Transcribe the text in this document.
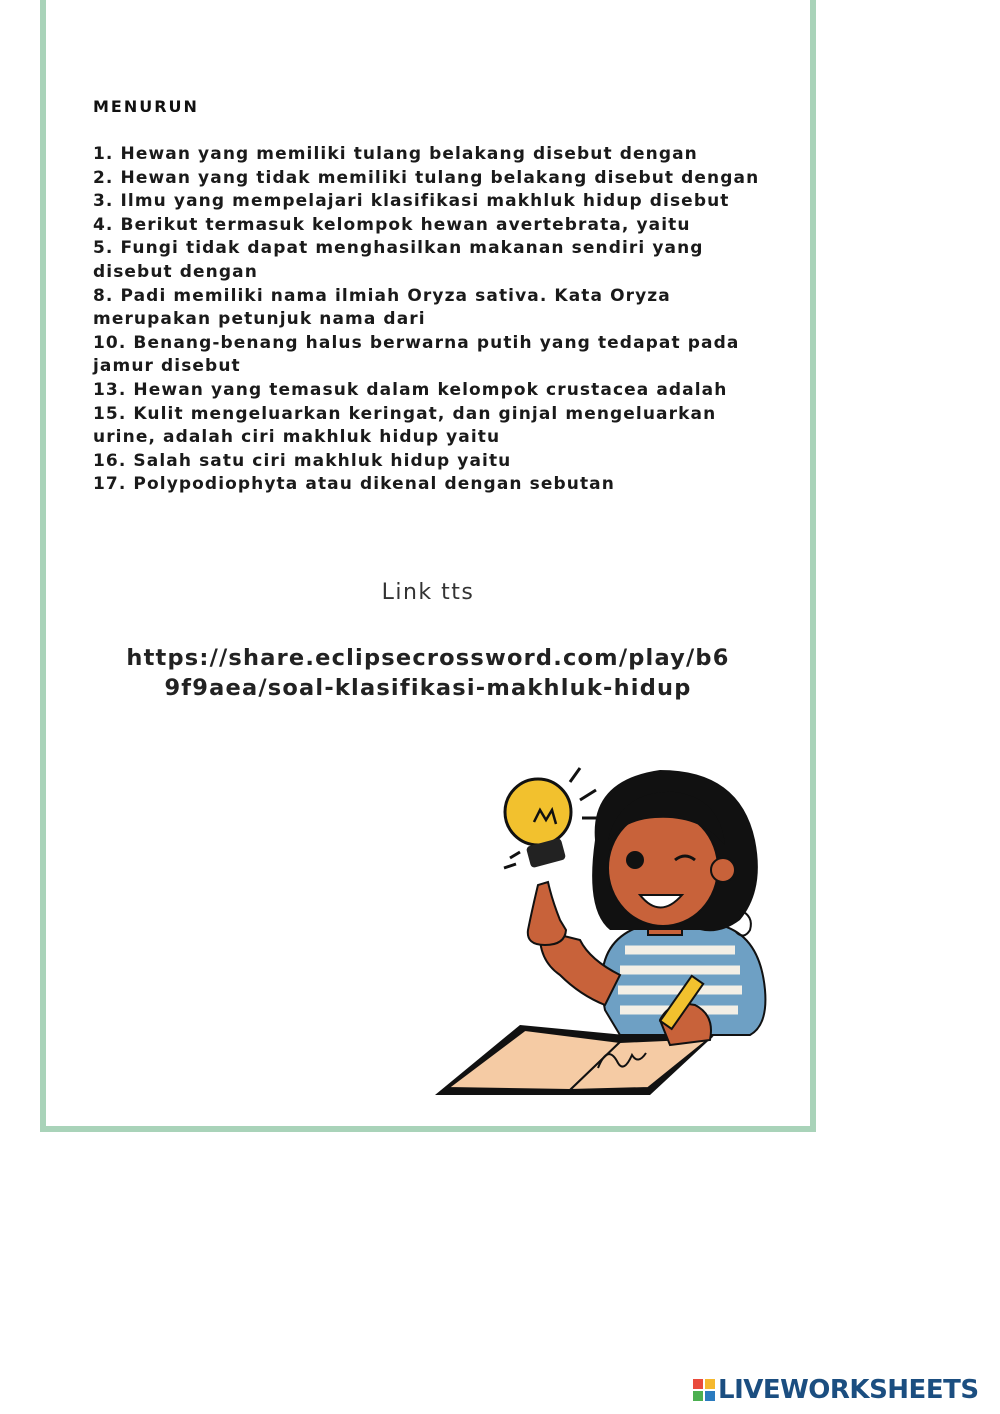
MENURUN
1. Hewan yang memiliki tulang belakang disebut dengan
2. Hewan yang tidak memiliki tulang belakang disebut dengan
3. Ilmu yang mempelajari klasifikasi makhluk hidup disebut
4. Berikut termasuk kelompok hewan avertebrata, yaitu
5. Fungi tidak dapat menghasilkan makanan sendiri yang disebut dengan
8. Padi memiliki nama ilmiah Oryza sativa. Kata Oryza merupakan petunjuk nama dari
10. Benang-benang halus berwarna putih yang tedapat pada jamur disebut
13. Hewan yang temasuk dalam kelompok crustacea adalah
15. Kulit mengeluarkan keringat, dan ginjal mengeluarkan urine, adalah ciri makhluk hidup yaitu
16. Salah satu ciri makhluk hidup yaitu
17. Polypodiophyta atau dikenal dengan sebutan
Link tts
https://share.eclipsecrossword.com/play/b69f9aea/soal-klasifikasi-makhluk-hidup
LIVEWORKSHEETS
